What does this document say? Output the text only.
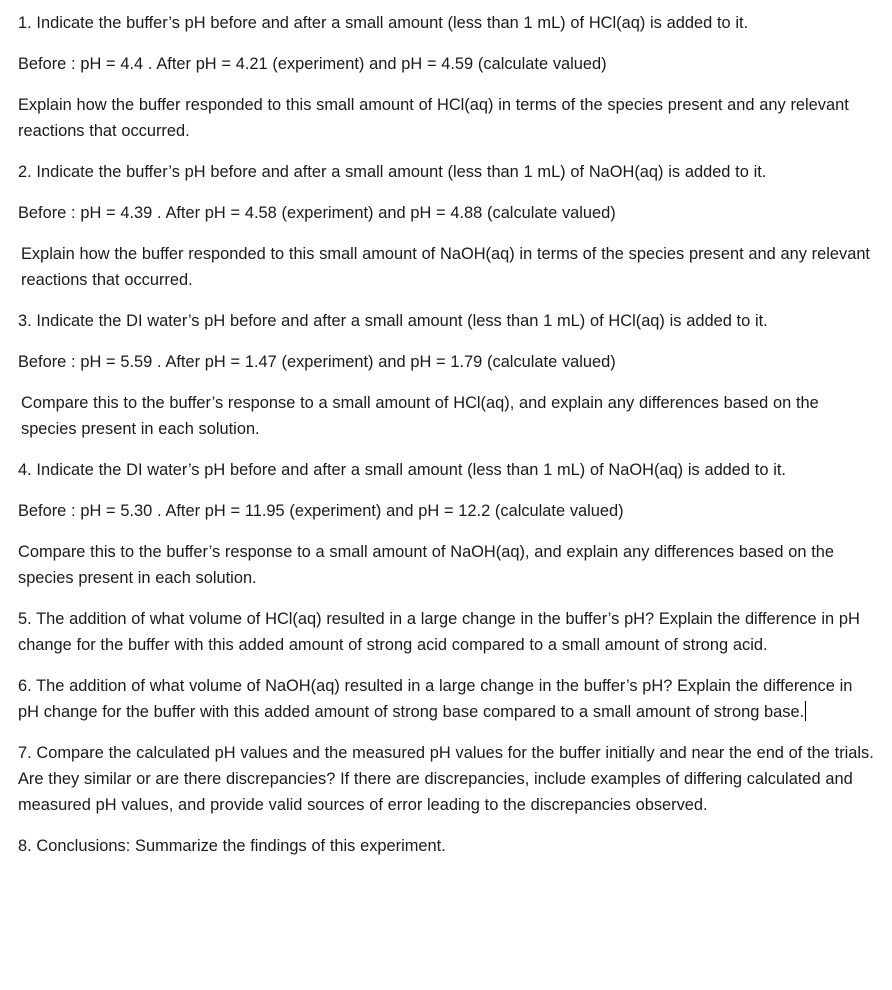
1. Indicate the buffer’s pH before and after a small amount (less than 1 mL) of HCl(aq) is added to it.

Before : pH = 4.4 . After pH = 4.21 (experiment) and pH = 4.59 (calculate valued)

Explain how the buffer responded to this small amount of HCl(aq) in terms of the species present and any relevant reactions that occurred.

2. Indicate the buffer’s pH before and after a small amount (less than 1 mL) of NaOH(aq) is added to it.

Before : pH = 4.39 . After pH = 4.58 (experiment) and pH = 4.88 (calculate valued)

Explain how the buffer responded to this small amount of NaOH(aq) in terms of the species present and any relevant reactions that occurred.

3. Indicate the DI water’s pH before and after a small amount (less than 1 mL) of HCl(aq) is added to it.

Before : pH = 5.59 . After pH = 1.47 (experiment) and pH = 1.79 (calculate valued)

Compare this to the buffer’s response to a small amount of HCl(aq), and explain any differences based on the species present in each solution.

4. Indicate the DI water’s pH before and after a small amount (less than 1 mL) of NaOH(aq) is added to it.

Before : pH = 5.30 . After pH = 11.95 (experiment) and pH = 12.2 (calculate valued)

Compare this to the buffer’s response to a small amount of NaOH(aq), and explain any differences based on the species present in each solution.

5. The addition of what volume of HCl(aq) resulted in a large change in the buffer’s pH? Explain the difference in pH change for the buffer with this added amount of strong acid compared to a small amount of strong acid.

6. The addition of what volume of NaOH(aq) resulted in a large change in the buffer’s pH? Explain the difference in pH change for the buffer with this added amount of strong base compared to a small amount of strong base.

7. Compare the calculated pH values and the measured pH values for the buffer initially and near the end of the trials. Are they similar or are there discrepancies? If there are discrepancies, include examples of differing calculated and measured pH values, and provide valid sources of error leading to the discrepancies observed.

8. Conclusions: Summarize the findings of this experiment.
